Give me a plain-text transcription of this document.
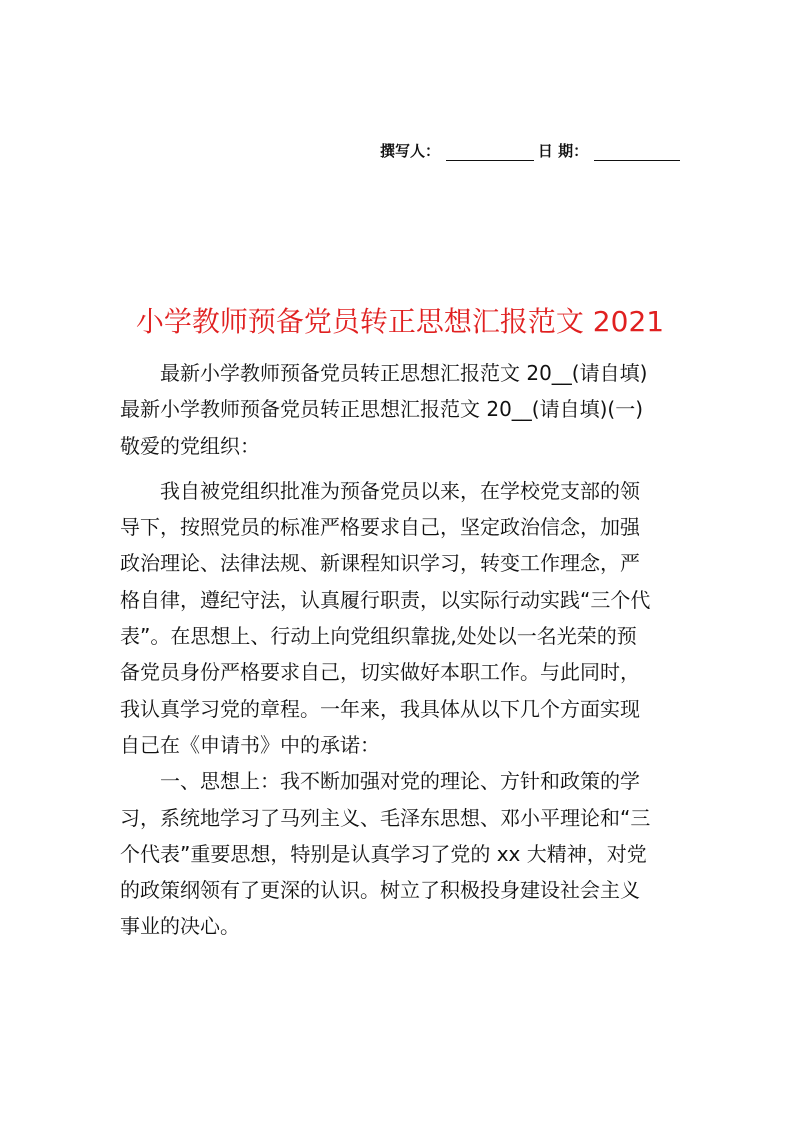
撰写人：	日 期：
小学教师预备党员转正思想汇报范文 2021
最新小学教师预备党员转正思想汇报范文 20__(请自填)
最新小学教师预备党员转正思想汇报范文 20__(请自填)(一)
敬爱的党组织：
我自被党组织批准为预备党员以来，在学校党支部的领
导下，按照党员的标准严格要求自己，坚定政治信念，加强
政治理论、法律法规、新课程知识学习，转变工作理念，严
格自律，遵纪守法，认真履行职责，以实际行动实践“三个代
表”。在思想上、行动上向党组织靠拢,处处以一名光荣的预
备党员身份严格要求自己，切实做好本职工作。与此同时，
我认真学习党的章程。一年来，我具体从以下几个方面实现
自己在《申请书》中的承诺：
一、思想上：我不断加强对党的理论、方针和政策的学
习，系统地学习了马列主义、毛泽东思想、邓小平理论和“三
个代表”重要思想，特别是认真学习了党的 xx 大精神，对党
的政策纲领有了更深的认识。树立了积极投身建设社会主义
事业的决心。
